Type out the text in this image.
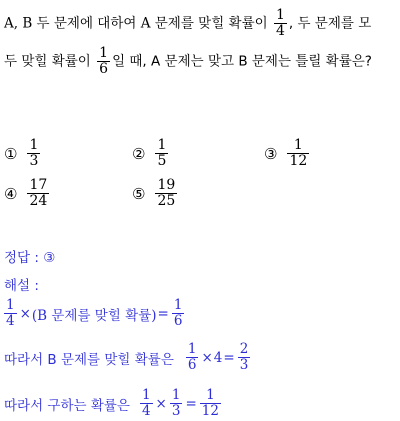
A, B 두 문제에 대하여 A 문제를 맞힐 확률이 $\frac{1}{4}$ , 두 문제를 모
두 맞힐 확률이 $\frac{1}{6}$ 일 때, A 문제는 맞고 B 문제는 틀릴 확률은?
① $\frac{1}{3}$	② $\frac{1}{5}$	③ $\frac{1}{12}$
④ $\frac{17}{24}$	⑤ $\frac{19}{25}$
정답 : ③
해설 :
$\frac{1}{4} \times (B$ 문제를 맞힐 확률) = $\frac{1}{6}$
따라서 B 문제를 맞힐 확률은 $\frac{1}{6} \times 4 = \frac{2}{3}$
따라서 구하는 확률은 $\frac{1}{4} \times \frac{1}{3} = \frac{1}{12}$
